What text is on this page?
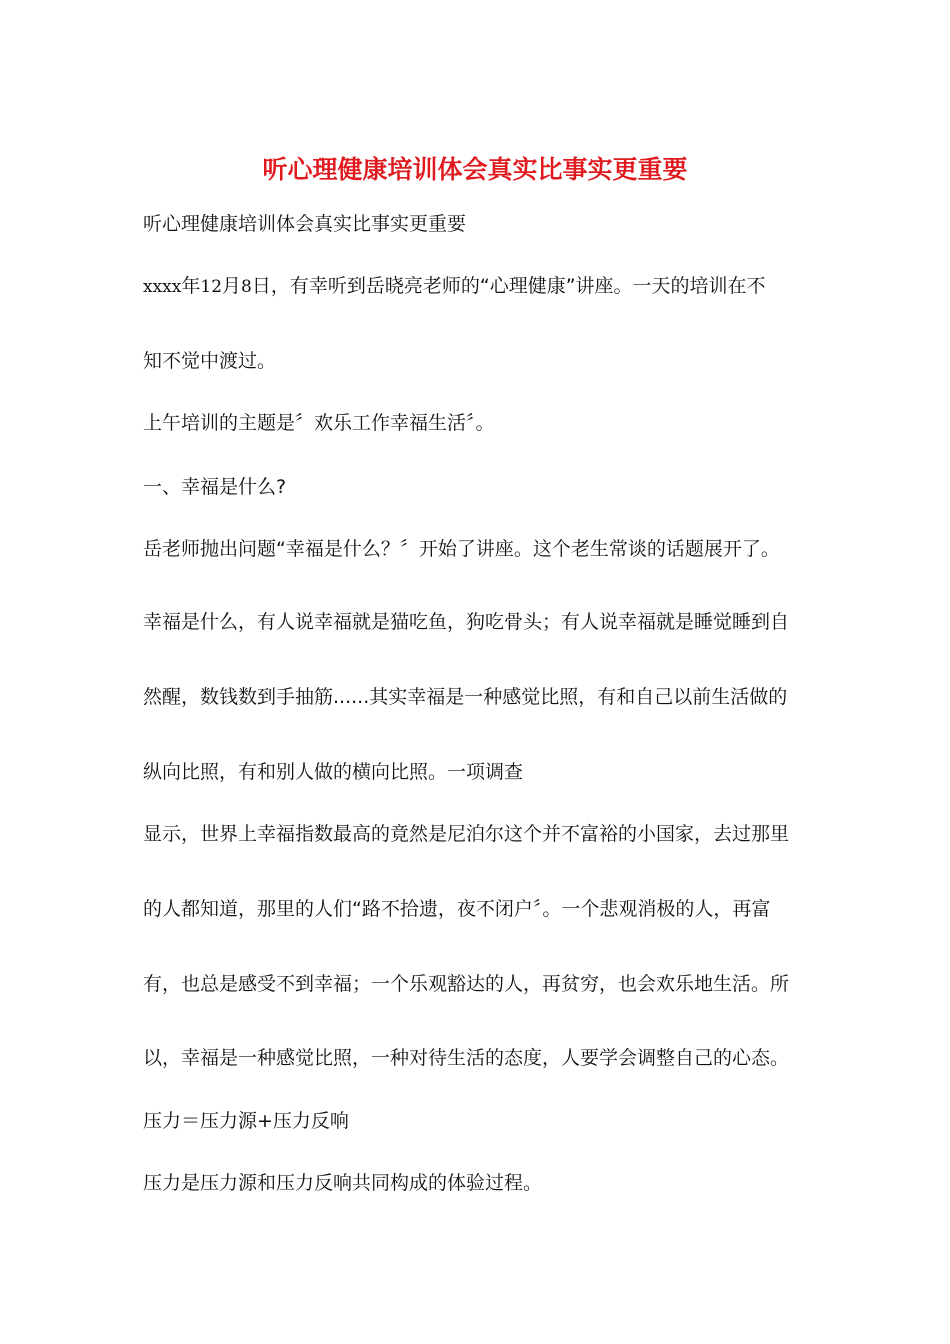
听心理健康培训体会真实比事实更重要
听心理健康培训体会真实比事实更重要
xxxx年12月8日，有幸听到岳晓亮老师的“心理健康”讲座。一天的培训在不
知不觉中渡过。
上午培训的主题是〞欢乐工作幸福生活〞。
一、幸福是什么?
岳老师抛出问题“幸福是什么？〞开始了讲座。这个老生常谈的话题展开了。
幸福是什么，有人说幸福就是猫吃鱼，狗吃骨头；有人说幸福就是睡觉睡到自
然醒，数钱数到手抽筋......其实幸福是一种感觉比照，有和自己以前生活做的
纵向比照，有和别人做的横向比照。一项调查
显示，世界上幸福指数最高的竟然是尼泊尔这个并不富裕的小国家，去过那里
的人都知道，那里的人们“路不拾遗，夜不闭户〞。一个悲观消极的人，再富
有，也总是感受不到幸福；一个乐观豁达的人，再贫穷，也会欢乐地生活。所
以，幸福是一种感觉比照，一种对待生活的态度，人要学会调整自己的心态。
压力＝压力源+压力反响
压力是压力源和压力反响共同构成的体验过程。
